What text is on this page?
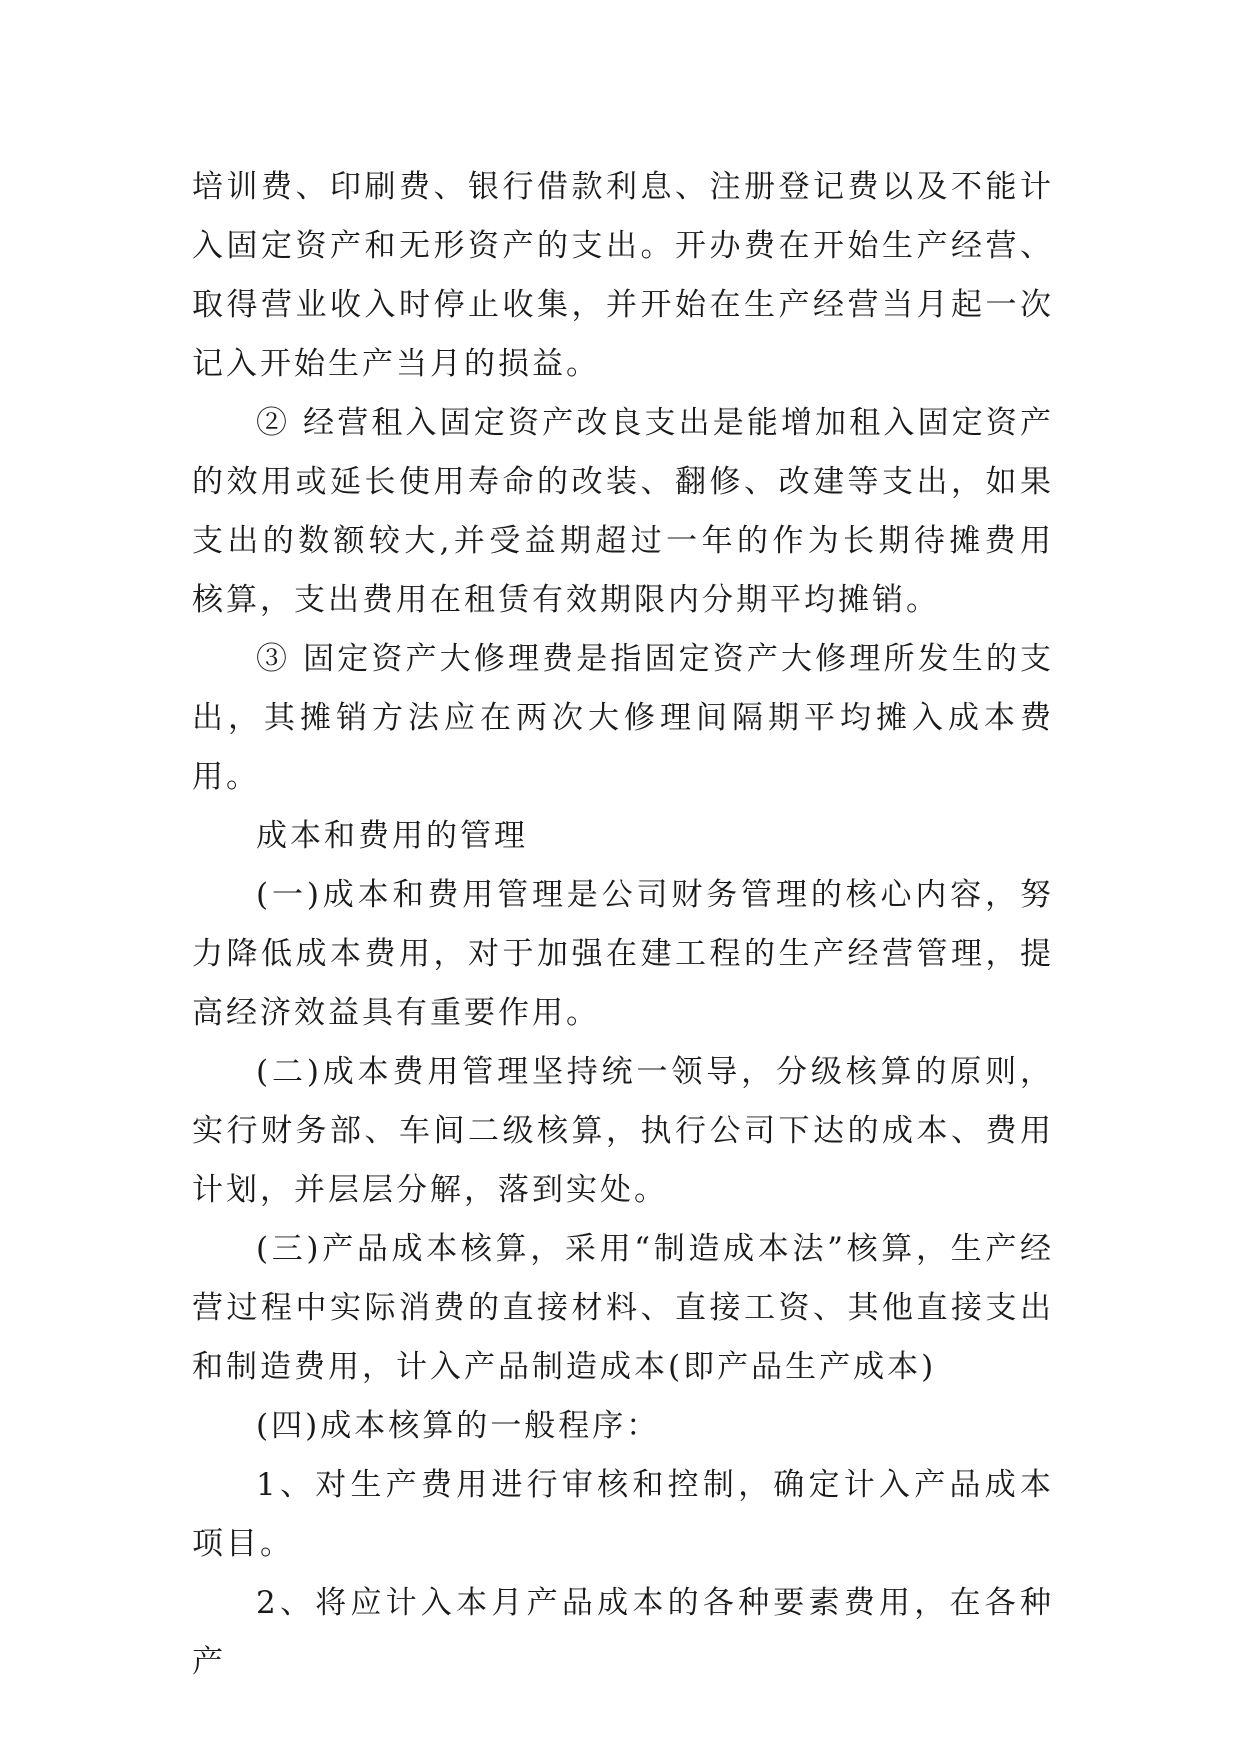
培训费、印刷费、银行借款利息、注册登记费以及不能计入固定资产和无形资产的支出。开办费在开始生产经营、取得营业收入时停止收集，并开始在生产经营当月起一次记入开始生产当月的损益。

② 经营租入固定资产改良支出是能增加租入固定资产的效用或延长使用寿命的改装、翻修、改建等支出，如果支出的数额较大,并受益期超过一年的作为长期待摊费用核算，支出费用在租赁有效期限内分期平均摊销。

③ 固定资产大修理费是指固定资产大修理所发生的支出，其摊销方法应在两次大修理间隔期平均摊入成本费用。

成本和费用的管理

(一)成本和费用管理是公司财务管理的核心内容，努力降低成本费用，对于加强在建工程的生产经营管理，提高经济效益具有重要作用。

(二)成本费用管理坚持统一领导，分级核算的原则，实行财务部、车间二级核算，执行公司下达的成本、费用计划，并层层分解，落到实处。

(三)产品成本核算，采用“制造成本法”核算，生产经营过程中实际消费的直接材料、直接工资、其他直接支出和制造费用，计入产品制造成本(即产品生产成本)

(四)成本核算的一般程序：

1、对生产费用进行审核和控制，确定计入产品成本项目。

2、将应计入本月产品成本的各种要素费用，在各种产
